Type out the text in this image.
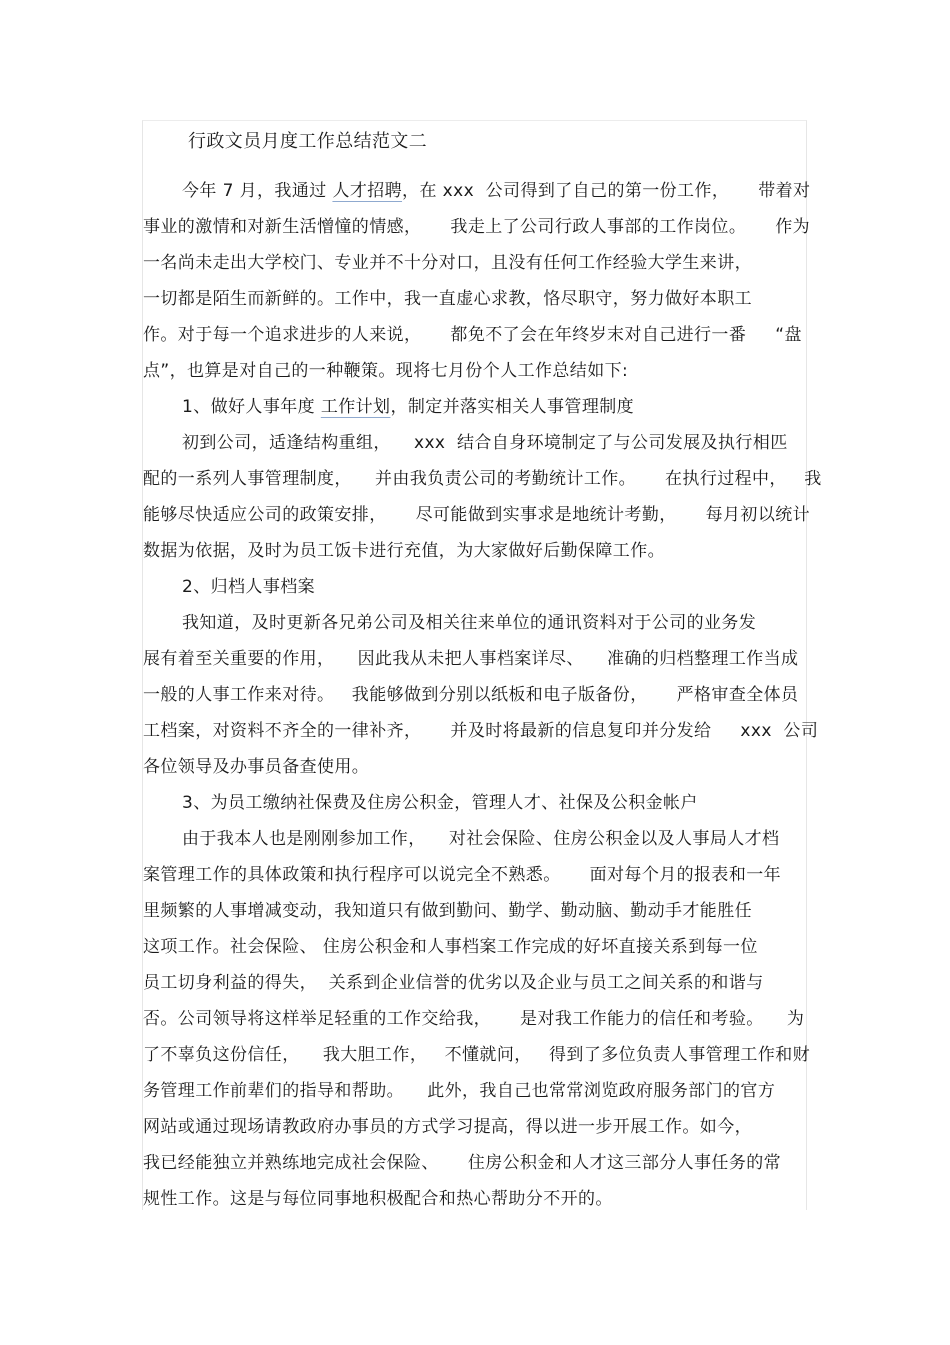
行政文员月度工作总结范文二
今年 7 月，我通过 人才招聘，在 xxx  公司得到了自己的第一份工作，     带着对
事业的激情和对新生活憎憧的情感，     我走上了公司行政人事部的工作岗位。     作为
一名尚未走出大学校门、专业并不十分对口，且没有任何工作经验大学生来讲，
一切都是陌生而新鲜的。工作中，我一直虚心求教，恪尽职守，努力做好本职工
作。对于每一个追求进步的人来说，     都免不了会在年终岁末对自己进行一番     “盘
点”，也算是对自己的一种鞭策。现将七月份个人工作总结如下:
1、做好人事年度 工作计划，制定并落实相关人事管理制度
初到公司，适逢结构重组，    xxx  结合自身环境制定了与公司发展及执行相匹
配的一系列人事管理制度，    并由我负责公司的考勤统计工作。     在执行过程中，   我
能够尽快适应公司的政策安排，     尽可能做到实事求是地统计考勤，     每月初以统计
数据为依据，及时为员工饭卡进行充值，为大家做好后勤保障工作。
2、归档人事档案
我知道，及时更新各兄弟公司及相关往来单位的通讯资料对于公司的业务发
展有着至关重要的作用，    因此我从未把人事档案详尽、    准确的归档整理工作当成
一般的人事工作来对待。   我能够做到分别以纸板和电子版备份，     严格审查全体员
工档案，对资料不齐全的一律补齐，     并及时将最新的信息复印并分发给     xxx  公司
各位领导及办事员备查使用。
3、为员工缴纳社保费及住房公积金，管理人才、社保及公积金帐户
由于我本人也是刚刚参加工作，    对社会保险、住房公积金以及人事局人才档
案管理工作的具体政策和执行程序可以说完全不熟悉。     面对每个月的报表和一年
里频繁的人事增减变动，我知道只有做到勤问、勤学、勤动脑、勤动手才能胜任
这项工作。社会保险、 住房公积金和人事档案工作完成的好坏直接关系到每一位
员工切身利益的得失，  关系到企业信誉的优劣以及企业与员工之间关系的和谐与
否。公司领导将这样举足轻重的工作交给我，     是对我工作能力的信任和考验。    为
了不辜负这份信任，    我大胆工作，   不懂就问，   得到了多位负责人事管理工作和财
务管理工作前辈们的指导和帮助。    此外，我自己也常常浏览政府服务部门的官方
网站或通过现场请教政府办事员的方式学习提高，得以进一步开展工作。如今，
我已经能独立并熟练地完成社会保险、     住房公积金和人才这三部分人事任务的常
规性工作。这是与每位同事地积极配合和热心帮助分不开的。
